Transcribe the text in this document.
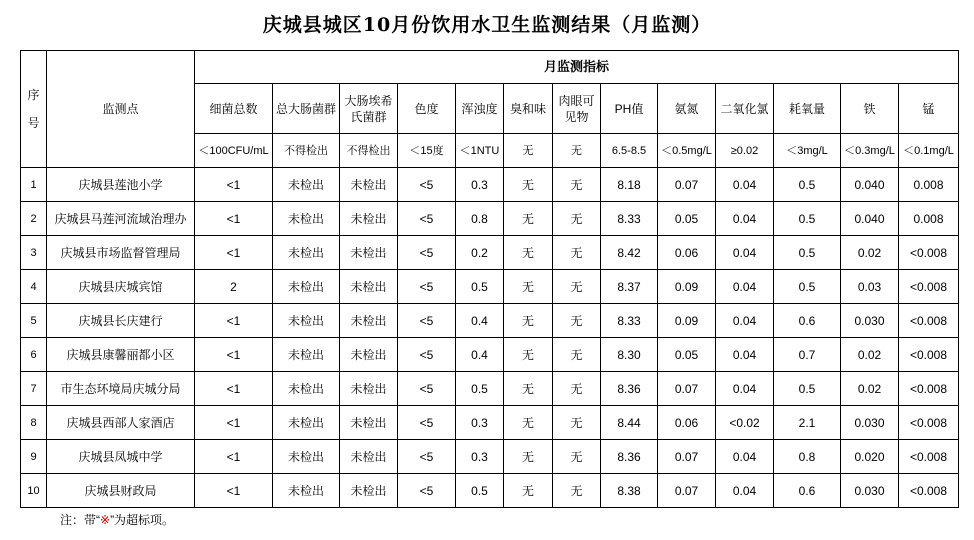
庆城县城区10月份饮用水卫生监测结果（月监测）
序号	监测点	月监测指标												
		细菌总数	总大肠菌群	大肠埃希氏菌群	色度	浑浊度	臭和味	肉眼可见物	PH值	氨氮	二氧化氯	耗氧量	铁	锰
		＜100CFU/mL	不得检出	不得检出	＜15度	＜1NTU	无	无	6.5-8.5	＜0.5mg/L	≥0.02	＜3mg/L	＜0.3mg/L	＜0.1mg/L
1	庆城县莲池小学	<1	未检出	未检出	<5	0.3	无	无	8.18	0.07	0.04	0.5	0.040	0.008
2	庆城县马莲河流域治理办	<1	未检出	未检出	<5	0.8	无	无	8.33	0.05	0.04	0.5	0.040	0.008
3	庆城县市场监督管理局	<1	未检出	未检出	<5	0.2	无	无	8.42	0.06	0.04	0.5	0.02	<0.008
4	庆城县庆城宾馆	2	未检出	未检出	<5	0.5	无	无	8.37	0.09	0.04	0.5	0.03	<0.008
5	庆城县长庆建行	<1	未检出	未检出	<5	0.4	无	无	8.33	0.09	0.04	0.6	0.030	<0.008
6	庆城县康馨丽都小区	<1	未检出	未检出	<5	0.4	无	无	8.30	0.05	0.04	0.7	0.02	<0.008
7	市生态环境局庆城分局	<1	未检出	未检出	<5	0.5	无	无	8.36	0.07	0.04	0.5	0.02	<0.008
8	庆城县西部人家酒店	<1	未检出	未检出	<5	0.3	无	无	8.44	0.06	<0.02	2.1	0.030	<0.008
9	庆城县凤城中学	<1	未检出	未检出	<5	0.3	无	无	8.36	0.07	0.04	0.8	0.020	<0.008
10	庆城县财政局	<1	未检出	未检出	<5	0.5	无	无	8.38	0.07	0.04	0.6	0.030	<0.008
注：带“※”为超标项。
